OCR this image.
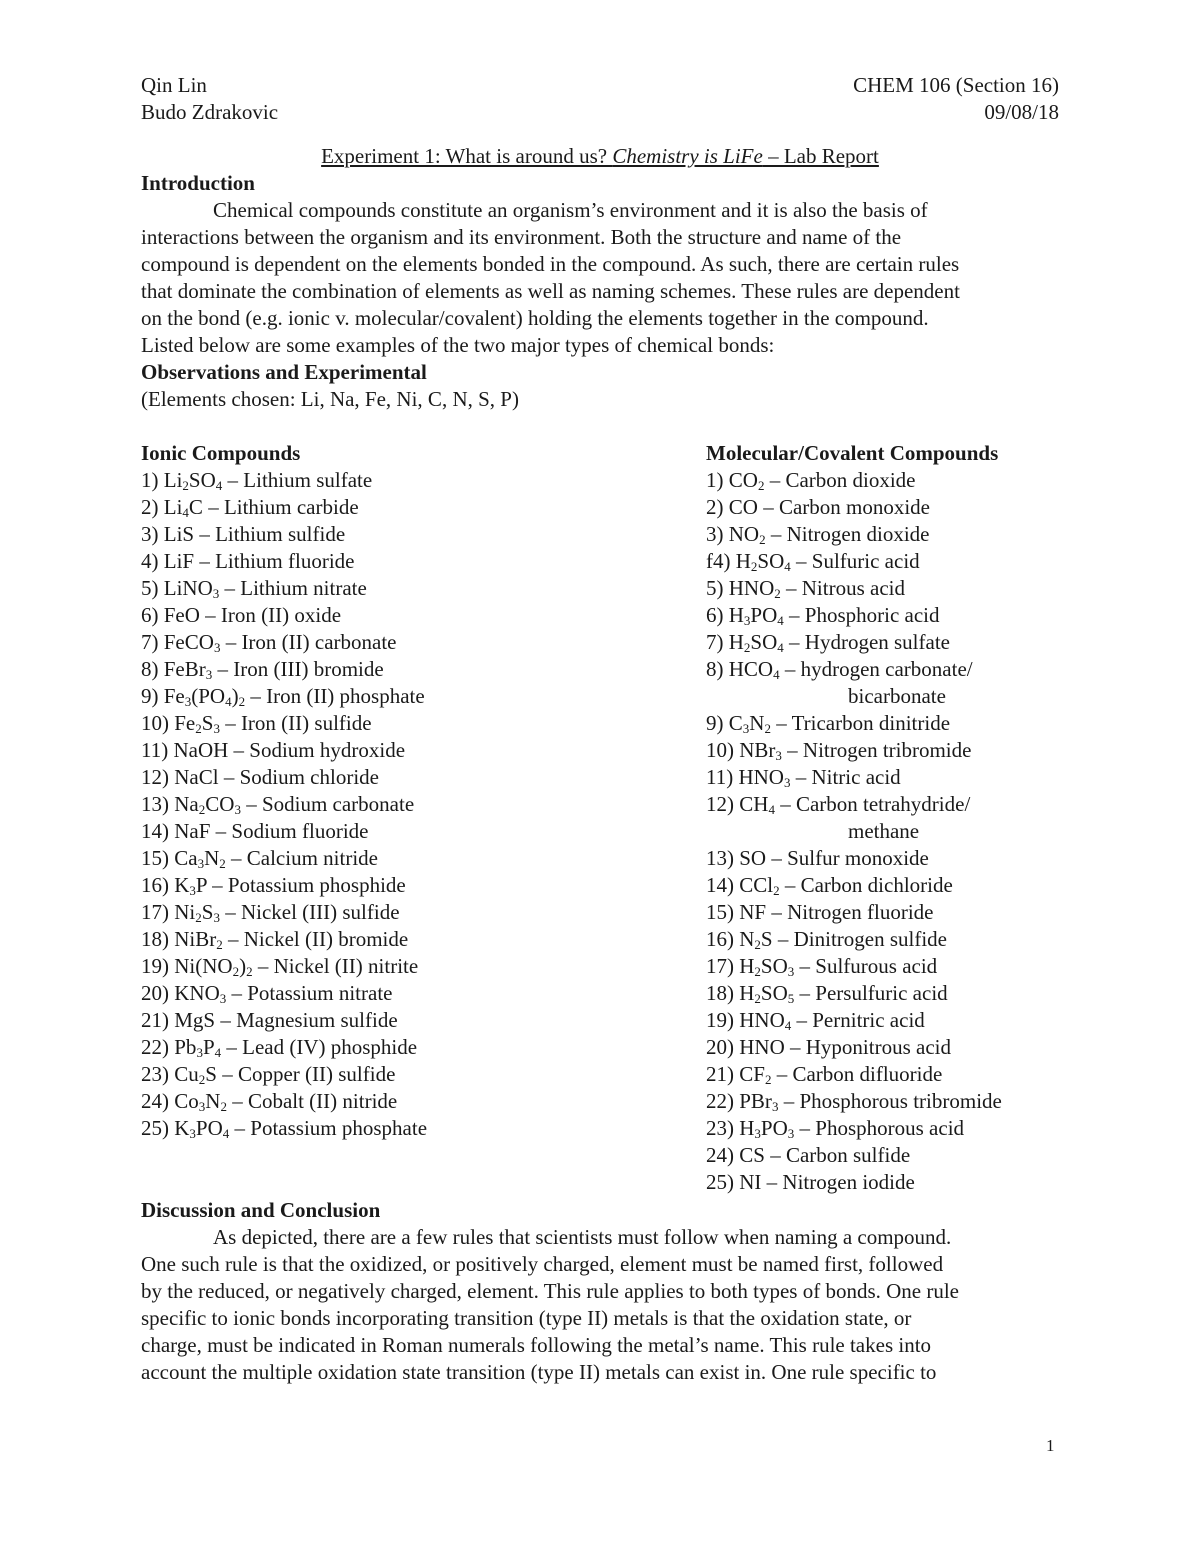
Qin Lin
Budo Zdrakovic
CHEM 106 (Section 16)
09/08/18
Experiment 1: What is around us? Chemistry is LiFe – Lab Report
Introduction
Chemical compounds constitute an organism’s environment and it is also the basis of
interactions between the organism and its environment. Both the structure and name of the
compound is dependent on the elements bonded in the compound. As such, there are certain rules
that dominate the combination of elements as well as naming schemes. These rules are dependent
on the bond (e.g. ionic v. molecular/covalent) holding the elements together in the compound.
Listed below are some examples of the two major types of chemical bonds:
Observations and Experimental
(Elements chosen: Li, Na, Fe, Ni, C, N, S, P)
Ionic Compounds
1) $Li_2SO_4$ – Lithium sulfate
2) $Li_4C$ – Lithium carbide
3) LiS – Lithium sulfide
4) LiF – Lithium fluoride
5) LiNO$_3$ – Lithium nitrate
6) FeO – Iron (II) oxide
7) FeCO$_3$ – Iron (II) carbonate
8) FeBr$_3$ – Iron (III) bromide
9) $Fe_3(PO_4)_2$ – Iron (II) phosphate
10) $Fe_2S_3$ – Iron (II) sulfide
11) NaOH – Sodium hydroxide
12) NaCl – Sodium chloride
13) $Na_2CO_3$ – Sodium carbonate
14) NaF – Sodium fluoride
15) $Ca_3N_2$ – Calcium nitride
16) $K_3P$ – Potassium phosphide
17) $Ni_2S_3$ – Nickel (III) sulfide
18) NiBr$_2$ – Nickel (II) bromide
19) $Ni(NO_2)_2$ – Nickel (II) nitrite
20) $KNO_3$ – Potassium nitrate
21) MgS – Magnesium sulfide
22) $Pb_3P_4$ – Lead (IV) phosphide
23) $Cu_2S$ – Copper (II) sulfide
24) $Co_3N_2$ – Cobalt (II) nitride
25) $K_3PO_4$ – Potassium phosphate
Molecular/Covalent Compounds
1) $CO_2$ – Carbon dioxide
2) CO – Carbon monoxide
3) $NO_2$ – Nitrogen dioxide
f4) $H_2SO_4$ – Sulfuric acid
5) $HNO_2$ – Nitrous acid
6) $H_3PO_4$ – Phosphoric acid
7) $H_2SO_4$ – Hydrogen sulfate
8) $HCO_4$ – hydrogen carbonate/
bicarbonate
9) $C_3N_2$ – Tricarbon dinitride
10) NBr$_3$ – Nitrogen tribromide
11) $HNO_3$ – Nitric acid
12) $CH_4$ – Carbon tetrahydride/
methane
13) SO – Sulfur monoxide
14) CCl$_2$ – Carbon dichloride
15) NF – Nitrogen fluoride
16) $N_2S$ – Dinitrogen sulfide
17) $H_2SO_3$ – Sulfurous acid
18) $H_2SO_5$ – Persulfuric acid
19) $HNO_4$ – Pernitric acid
20) HNO – Hyponitrous acid
21) $CF_2$ – Carbon difluoride
22) PBr$_3$ – Phosphorous tribromide
23) $H_3PO_3$ – Phosphorous acid
24) CS – Carbon sulfide
25) NI – Nitrogen iodide
Discussion and Conclusion
As depicted, there are a few rules that scientists must follow when naming a compound.
One such rule is that the oxidized, or positively charged, element must be named first, followed
by the reduced, or negatively charged, element. This rule applies to both types of bonds. One rule
specific to ionic bonds incorporating transition (type II) metals is that the oxidation state, or
charge, must be indicated in Roman numerals following the metal’s name. This rule takes into
account the multiple oxidation state transition (type II) metals can exist in. One rule specific to
1
